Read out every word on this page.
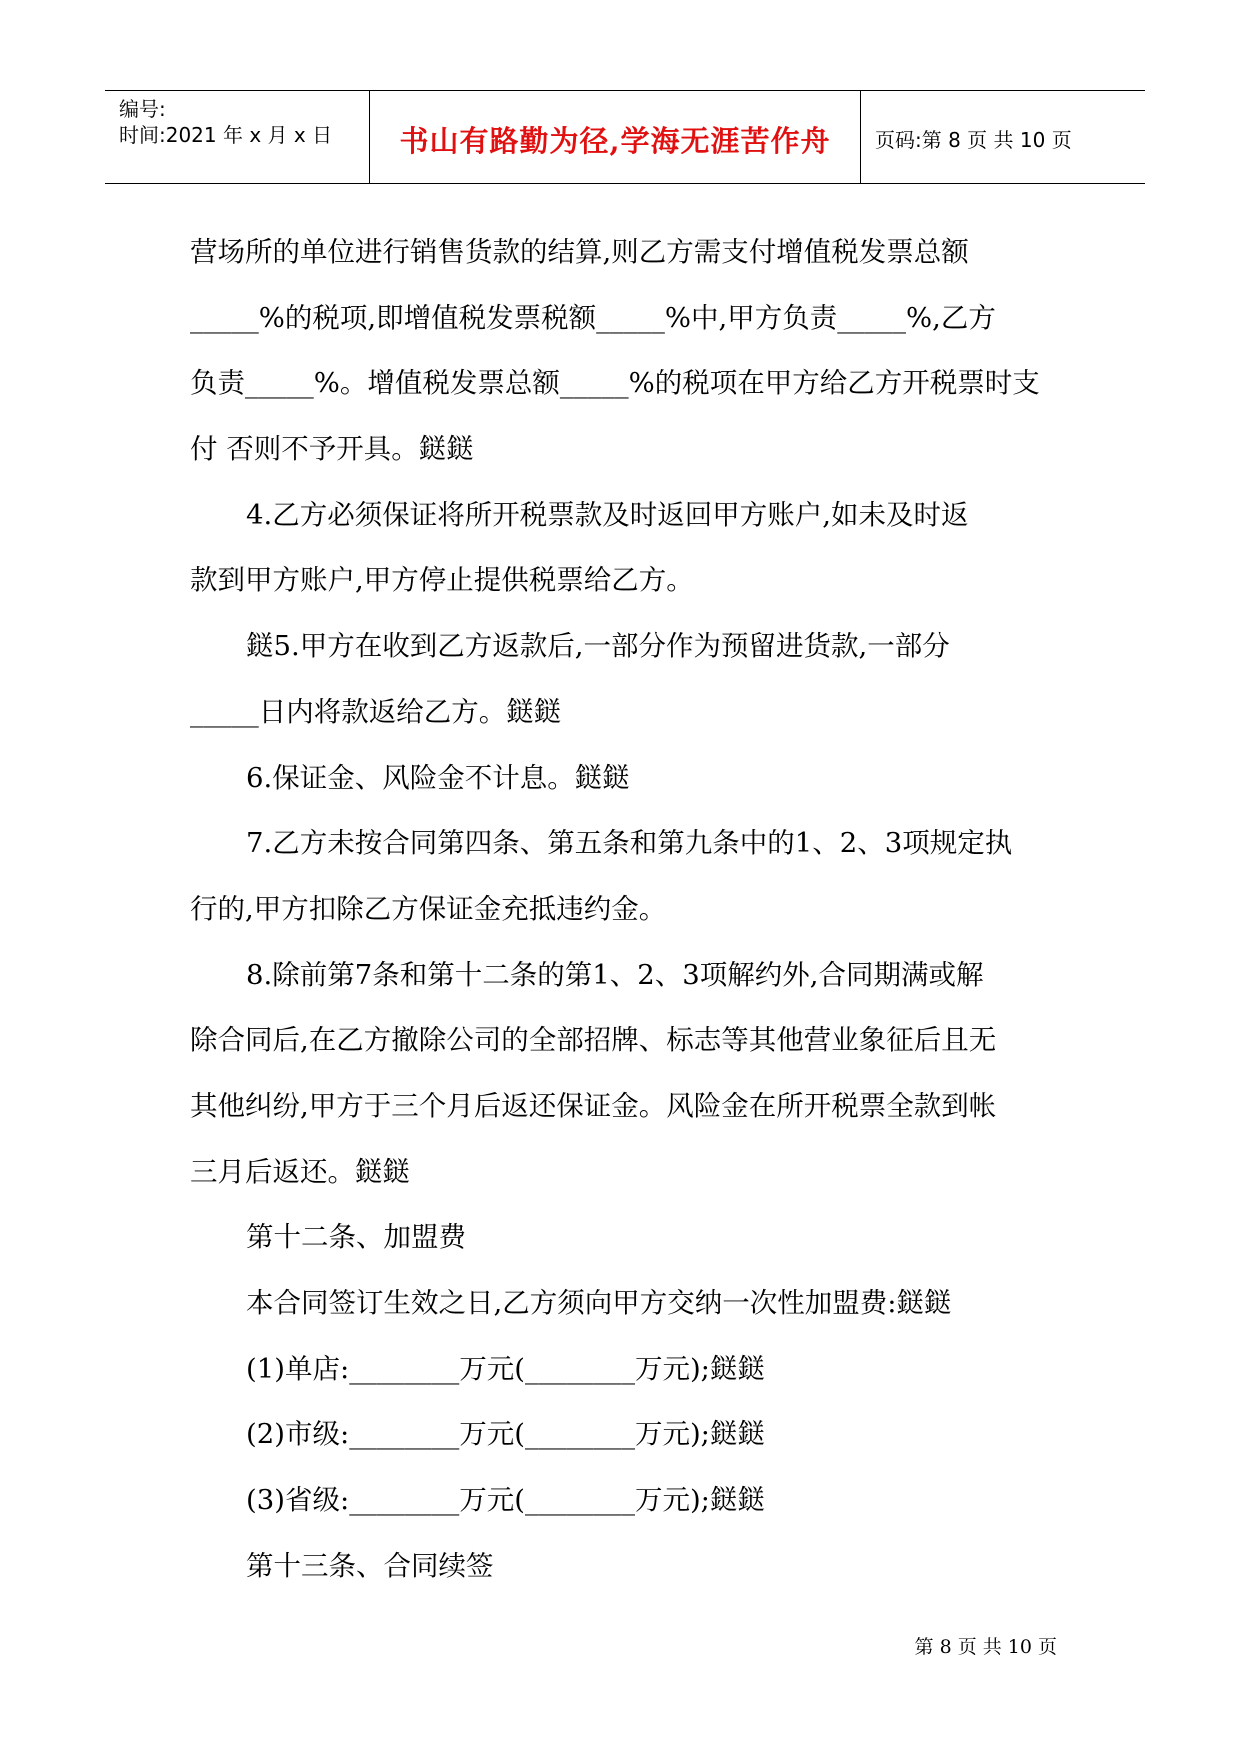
编号:
时间:2021 年 x 月 x 日	书山有路勤为径,学海无涯苦作舟	页码:第 8 页 共 10 页
营场所的单位进行销售货款的结算,则乙方需支付增值税发票总额
_____%的税项,即增值税发票税额_____%中,甲方负责_____%,乙方
负责_____%。增值税发票总额_____%的税项在甲方给乙方开税票时支
付 否则不予开具。鎹鎹
4.乙方必须保证将所开税票款及时返回甲方账户,如未及时返
款到甲方账户,甲方停止提供税票给乙方。
鎹5.甲方在收到乙方返款后,一部分作为预留进货款,一部分
_____日内将款返给乙方。鎹鎹
6.保证金、风险金不计息。鎹鎹
7.乙方未按合同第四条、第五条和第九条中的1、2、3项规定执
行的,甲方扣除乙方保证金充抵违约金。
8.除前第7条和第十二条的第1、2、3项解约外,合同期满或解
除合同后,在乙方撤除公司的全部招牌、标志等其他营业象征后且无
其他纠纷,甲方于三个月后返还保证金。风险金在所开税票全款到帐
三月后返还。鎹鎹
第十二条、加盟费
本合同签订生效之日,乙方须向甲方交纳一次性加盟费:鎹鎹
(1)单店:________万元(________万元);鎹鎹
(2)市级:________万元(________万元);鎹鎹
(3)省级:________万元(________万元);鎹鎹
第十三条、合同续签
第 8 页 共 10 页
